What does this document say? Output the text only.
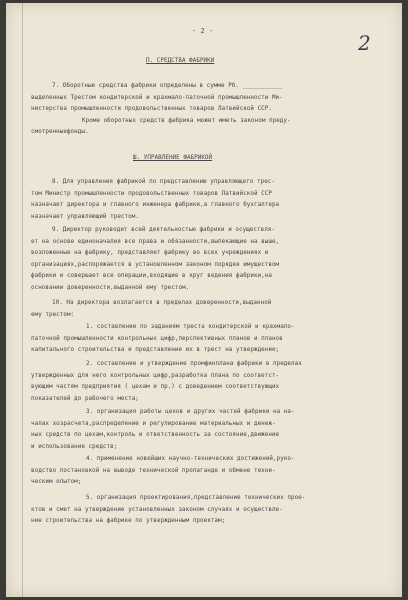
2

- 2 -

П. СРЕДСТВА ФАБРИКИ

Ш. УПРАВЛЕНИЕ ФАБРИКОЙ

7. Оборотные средства фабрики определены в сумме Рб. ___________

выделенных Трестом кондитерской и крахмало-паточной промышленности Ми-

нистерства промышленности продовольственных товаров Латвийской ССР.

Кроме оборотных средств фабрика может иметь законом преду-

смотренныефонды.

8. Для управления фабрикой по представлению управляющего трес-

том Министр промышленности продовольственных товаров Латвийской ССР

назначает директора и главного инженера фабрики,а главного бухгалтера

назначает управляющий трестом.

9. Директор руководит всей деятельностью фабрики и осуществля-

ет на основе единоначалия все права и обязанности,выпекающие на выше,

возложенные на фабрику, представляет фабрику во всех учреждениях и

организациях,распоряжается в установленном законом порядке имуществом

фабрики и совершает все операции,входящие в круг ведения фабрики,на

основании доверенности,выданной ему трестом.

10. На директора возлагается в пределах доверенности,выданной

ему трестом:

1. составление по заданиям треста кондитерской и крахмало-

паточной промышленности контрольных цифр,перспективных планов и планов

капитального строительства и представление их в трест на утверждение;

2. составление и утверждение промфинплана фабрики в пределах

утвержденных для него контрольных цифр,разработка плана по соответст-

вующим частям предприятия ( цехам и пр.) с доведением соответствующих

показателей до рабочего места;

3. организация работы цехов и других частей фабрики на на-

чалах хозрасчета,распределение и регулирование материальных и денеж-

ных средств по цехам,контроль и ответственность за состояние,движение

и использование средств;

4. применение новейших научно-технических достижений,руко-

водство постановкой на выводе технической пропаганде и обмене техни-

ческим опытом;

5. организация проектирования,представление технических прое-

ктов и смет на утверждение установленных законом случаях и осуществле-

ние строительства на фабрике по утвержденным проектам;
